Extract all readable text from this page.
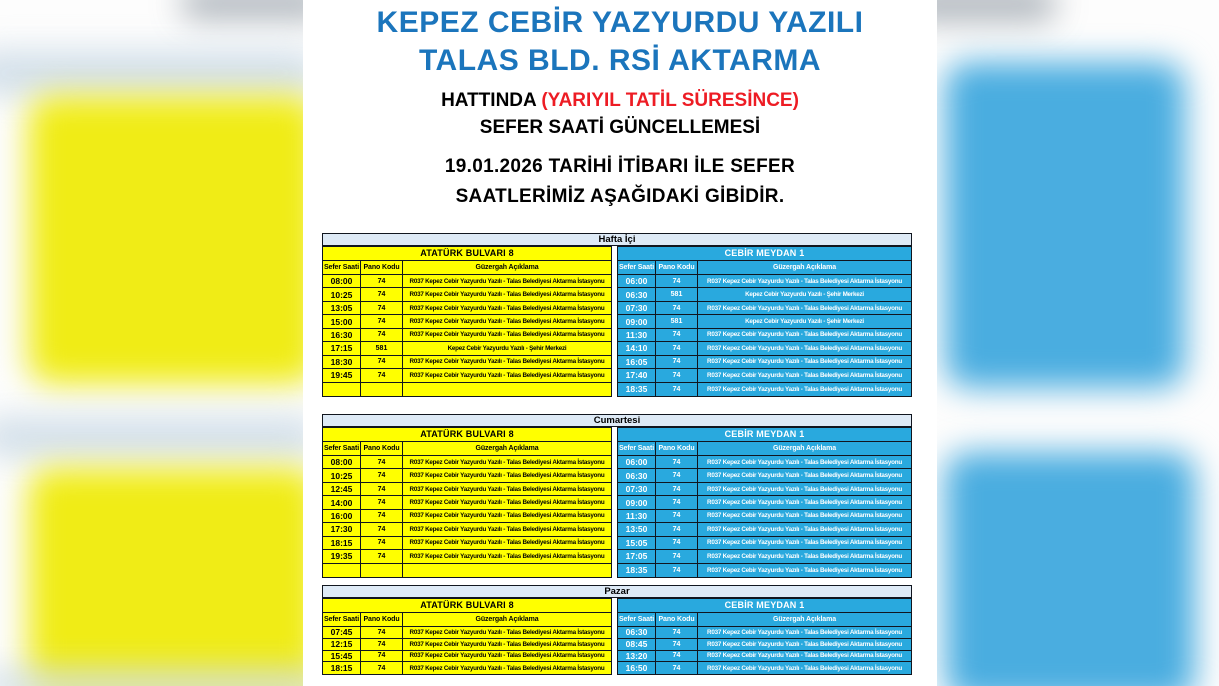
KEPEZ CEBİR YAZYURDU YAZILI
TALAS BLD. RSİ AKTARMA
HATTINDA (YARIYIL TATİL SÜRESİNCE)
SEFER SAATİ GÜNCELLEMESİ
19.01.2026 TARİHİ İTİBARI İLE SEFER
SAATLERİMİZ AŞAĞIDAKİ GİBİDİR.
Hafta İçi
ATATÜRK BULVARI 8
Sefer Saati Pano Kodu	Güzergah Açıklama
08:00	74	R037 Kepez Cebir Yazyurdu Yazılı - Talas Belediyesi Aktarma İstasyonu
10:25	74	R037 Kepez Cebir Yazyurdu Yazılı - Talas Belediyesi Aktarma İstasyonu
13:05	74	R037 Kepez Cebir Yazyurdu Yazılı - Talas Belediyesi Aktarma İstasyonu
15:00	74	R037 Kepez Cebir Yazyurdu Yazılı - Talas Belediyesi Aktarma İstasyonu
16:30	74	R037 Kepez Cebir Yazyurdu Yazılı - Talas Belediyesi Aktarma İstasyonu
17:15	581	Kepez Cebir Yazyurdu Yazılı - Şehir Merkezi
18:30	74	R037 Kepez Cebir Yazyurdu Yazılı - Talas Belediyesi Aktarma İstasyonu
19:45	74	R037 Kepez Cebir Yazyurdu Yazılı - Talas Belediyesi Aktarma İstasyonu
CEBİR MEYDAN 1
Sefer Saati Pano Kodu	Güzergah Açıklama
06:00	74	R037 Kepez Cebir Yazyurdu Yazılı - Talas Belediyesi Aktarma İstasyonu
06:30	581	Kepez Cebir Yazyurdu Yazılı - Şehir Merkezi
07:30	74	R037 Kepez Cebir Yazyurdu Yazılı - Talas Belediyesi Aktarma İstasyonu
09:00	581	Kepez Cebir Yazyurdu Yazılı - Şehir Merkezi
11:30	74	R037 Kepez Cebir Yazyurdu Yazılı - Talas Belediyesi Aktarma İstasyonu
14:10	74	R037 Kepez Cebir Yazyurdu Yazılı - Talas Belediyesi Aktarma İstasyonu
16:05	74	R037 Kepez Cebir Yazyurdu Yazılı - Talas Belediyesi Aktarma İstasyonu
17:40	74	R037 Kepez Cebir Yazyurdu Yazılı - Talas Belediyesi Aktarma İstasyonu
18:35	74	R037 Kepez Cebir Yazyurdu Yazılı - Talas Belediyesi Aktarma İstasyonu
Cumartesi
ATATÜRK BULVARI 8
Sefer Saati Pano Kodu	Güzergah Açıklama
08:00	74	R037 Kepez Cebir Yazyurdu Yazılı - Talas Belediyesi Aktarma İstasyonu
10:25	74	R037 Kepez Cebir Yazyurdu Yazılı - Talas Belediyesi Aktarma İstasyonu
12:45	74	R037 Kepez Cebir Yazyurdu Yazılı - Talas Belediyesi Aktarma İstasyonu
14:00	74	R037 Kepez Cebir Yazyurdu Yazılı - Talas Belediyesi Aktarma İstasyonu
16:00	74	R037 Kepez Cebir Yazyurdu Yazılı - Talas Belediyesi Aktarma İstasyonu
17:30	74	R037 Kepez Cebir Yazyurdu Yazılı - Talas Belediyesi Aktarma İstasyonu
18:15	74	R037 Kepez Cebir Yazyurdu Yazılı - Talas Belediyesi Aktarma İstasyonu
19:35	74	R037 Kepez Cebir Yazyurdu Yazılı - Talas Belediyesi Aktarma İstasyonu
CEBİR MEYDAN 1
Sefer Saati Pano Kodu	Güzergah Açıklama
06:00	74	R037 Kepez Cebir Yazyurdu Yazılı - Talas Belediyesi Aktarma İstasyonu
06:30	74	R037 Kepez Cebir Yazyurdu Yazılı - Talas Belediyesi Aktarma İstasyonu
07:30	74	R037 Kepez Cebir Yazyurdu Yazılı - Talas Belediyesi Aktarma İstasyonu
09:00	74	R037 Kepez Cebir Yazyurdu Yazılı - Talas Belediyesi Aktarma İstasyonu
11:30	74	R037 Kepez Cebir Yazyurdu Yazılı - Talas Belediyesi Aktarma İstasyonu
13:50	74	R037 Kepez Cebir Yazyurdu Yazılı - Talas Belediyesi Aktarma İstasyonu
15:05	74	R037 Kepez Cebir Yazyurdu Yazılı - Talas Belediyesi Aktarma İstasyonu
17:05	74	R037 Kepez Cebir Yazyurdu Yazılı - Talas Belediyesi Aktarma İstasyonu
18:35	74	R037 Kepez Cebir Yazyurdu Yazılı - Talas Belediyesi Aktarma İstasyonu
Pazar
ATATÜRK BULVARI 8
Sefer Saati Pano Kodu	Güzergah Açıklama
07:45	74	R037 Kepez Cebir Yazyurdu Yazılı - Talas Belediyesi Aktarma İstasyonu
12:15	74	R037 Kepez Cebir Yazyurdu Yazılı - Talas Belediyesi Aktarma İstasyonu
15:45	74	R037 Kepez Cebir Yazyurdu Yazılı - Talas Belediyesi Aktarma İstasyonu
18:15	74	R037 Kepez Cebir Yazyurdu Yazılı - Talas Belediyesi Aktarma İstasyonu
CEBİR MEYDAN 1
Sefer Saati Pano Kodu	Güzergah Açıklama
06:30	74	R037 Kepez Cebir Yazyurdu Yazılı - Talas Belediyesi Aktarma İstasyonu
08:45	74	R037 Kepez Cebir Yazyurdu Yazılı - Talas Belediyesi Aktarma İstasyonu
13:20	74	R037 Kepez Cebir Yazyurdu Yazılı - Talas Belediyesi Aktarma İstasyonu
16:50	74	R037 Kepez Cebir Yazyurdu Yazılı - Talas Belediyesi Aktarma İstasyonu
